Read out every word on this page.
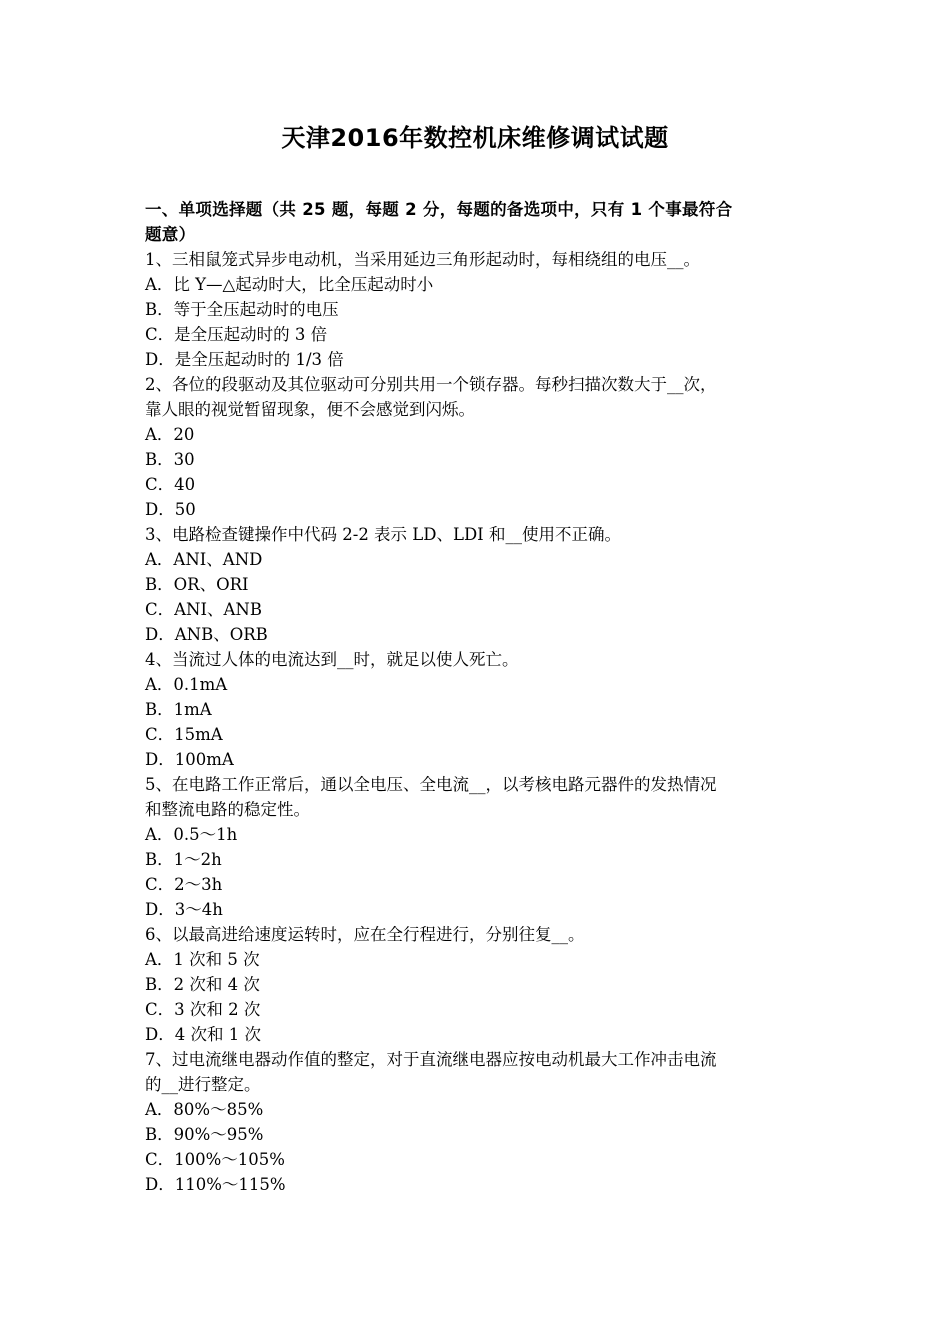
天津2016年数控机床维修调试试题
一、单项选择题（共 25 题，每题 2 分，每题的备选项中，只有 1 个事最符合
题意）
1、三相鼠笼式异步电动机，当采用延边三角形起动时，每相绕组的电压__。
A．比 Y—△起动时大，比全压起动时小
B．等于全压起动时的电压
C．是全压起动时的 3 倍
D．是全压起动时的 1/3 倍
2、各位的段驱动及其位驱动可分别共用一个锁存器。每秒扫描次数大于__次，
靠人眼的视觉暂留现象，便不会感觉到闪烁。
A．20
B．30
C．40
D．50
3、电路检查键操作中代码 2-2 表示 LD、LDI 和__使用不正确。
A．ANI、AND
B．OR、ORI
C．ANI、ANB
D．ANB、ORB
4、当流过人体的电流达到__时，就足以使人死亡。
A．0.1mA
B．1mA
C．15mA
D．100mA
5、在电路工作正常后，通以全电压、全电流__，以考核电路元器件的发热情况
和整流电路的稳定性。
A．0.5～1h
B．1～2h
C．2～3h
D．3～4h
6、以最高进给速度运转时，应在全行程进行，分别往复__。
A．1 次和 5 次
B．2 次和 4 次
C．3 次和 2 次
D．4 次和 1 次
7、过电流继电器动作值的整定，对于直流继电器应按电动机最大工作冲击电流
的__进行整定。
A．80%～85%
B．90%～95%
C．100%～105%
D．110%～115%
